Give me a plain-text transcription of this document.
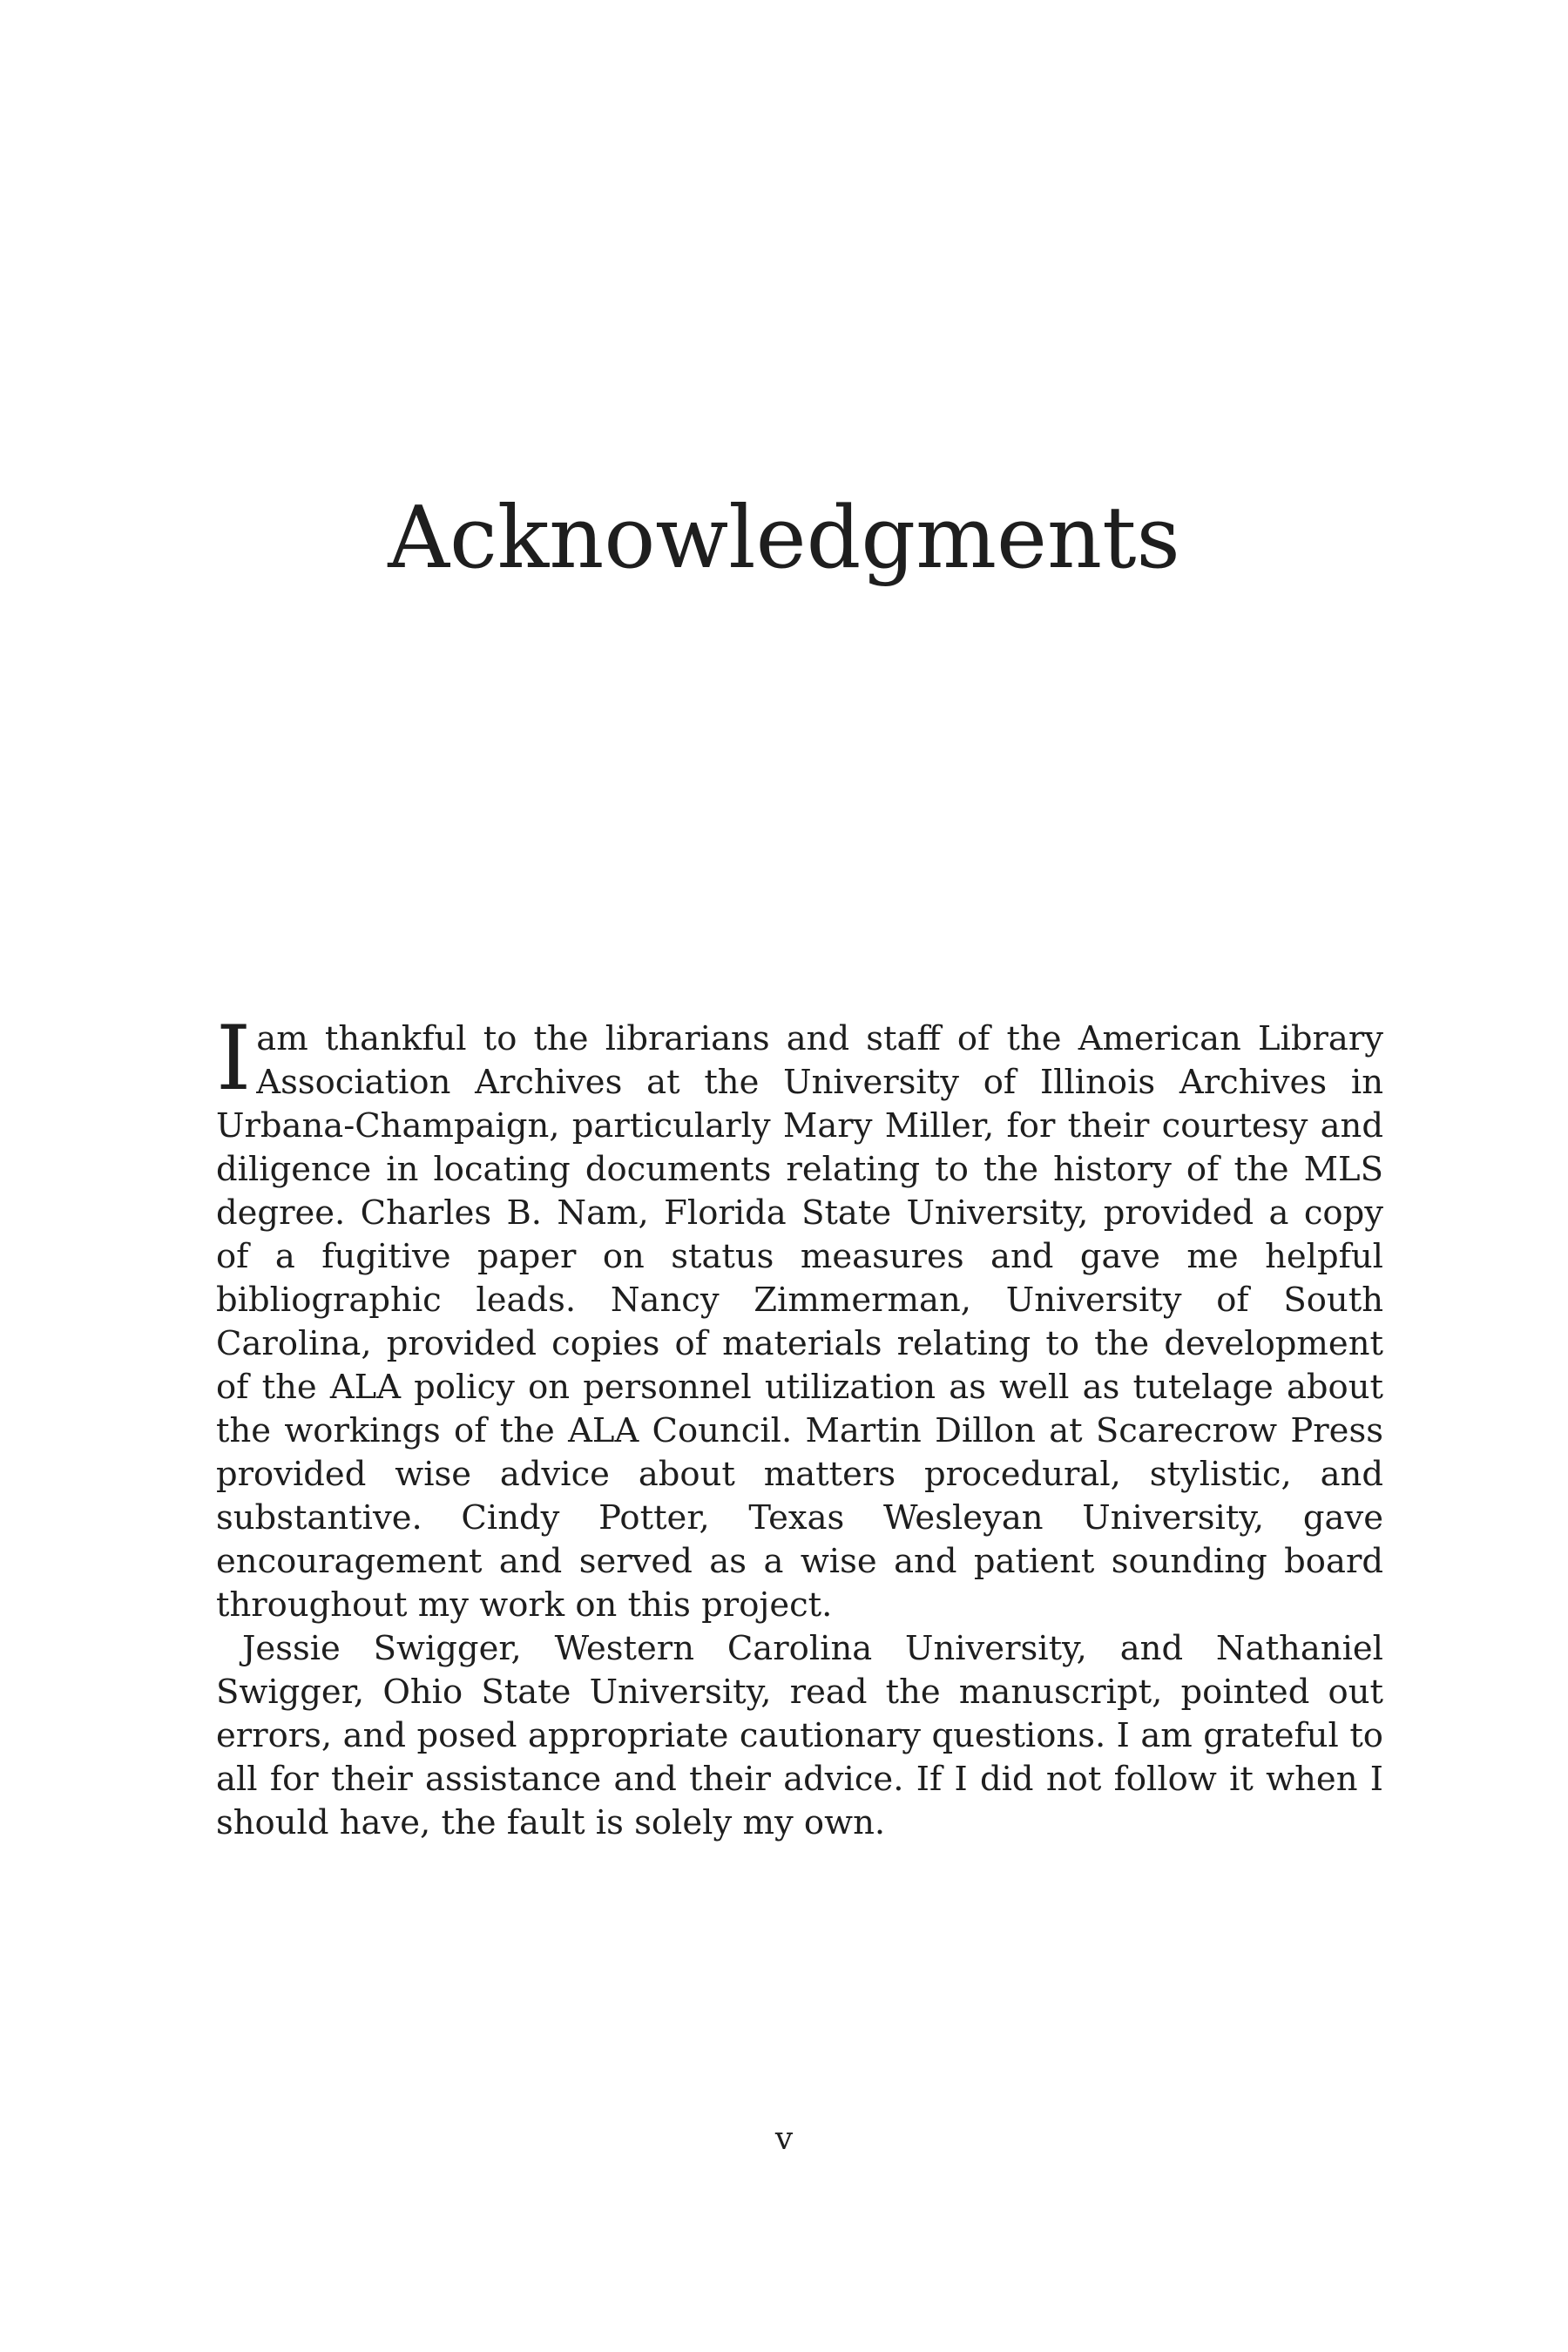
Acknowledgments

Iam thankful to the librarians and staff of the American Library Association Archives at the University of Illinois Archives in Urbana-Champaign, particularly Mary Miller, for their courtesy and diligence in locating documents relating to the history of the MLS degree. Charles B. Nam, Florida State University, provided a copy of a fugitive paper on status measures and gave me helpful bibliographic leads. Nancy Zimmerman, University of South Carolina, provided copies of materials relating to the development of the ALA policy on personnel utilization as well as tutelage about the workings of the ALA Council. Martin Dillon at Scarecrow Press provided wise advice about matters procedural, stylistic, and substantive. Cindy Potter, Texas Wesleyan University, gave encouragement and served as a wise and patient sounding board throughout my work on this project.

Jessie Swigger, Western Carolina University, and Nathaniel Swigger, Ohio State University, read the manuscript, pointed out errors, and posed appropriate cautionary questions. I am grateful to all for their assistance and their advice. If I did not follow it when I should have, the fault is solely my own.

v
